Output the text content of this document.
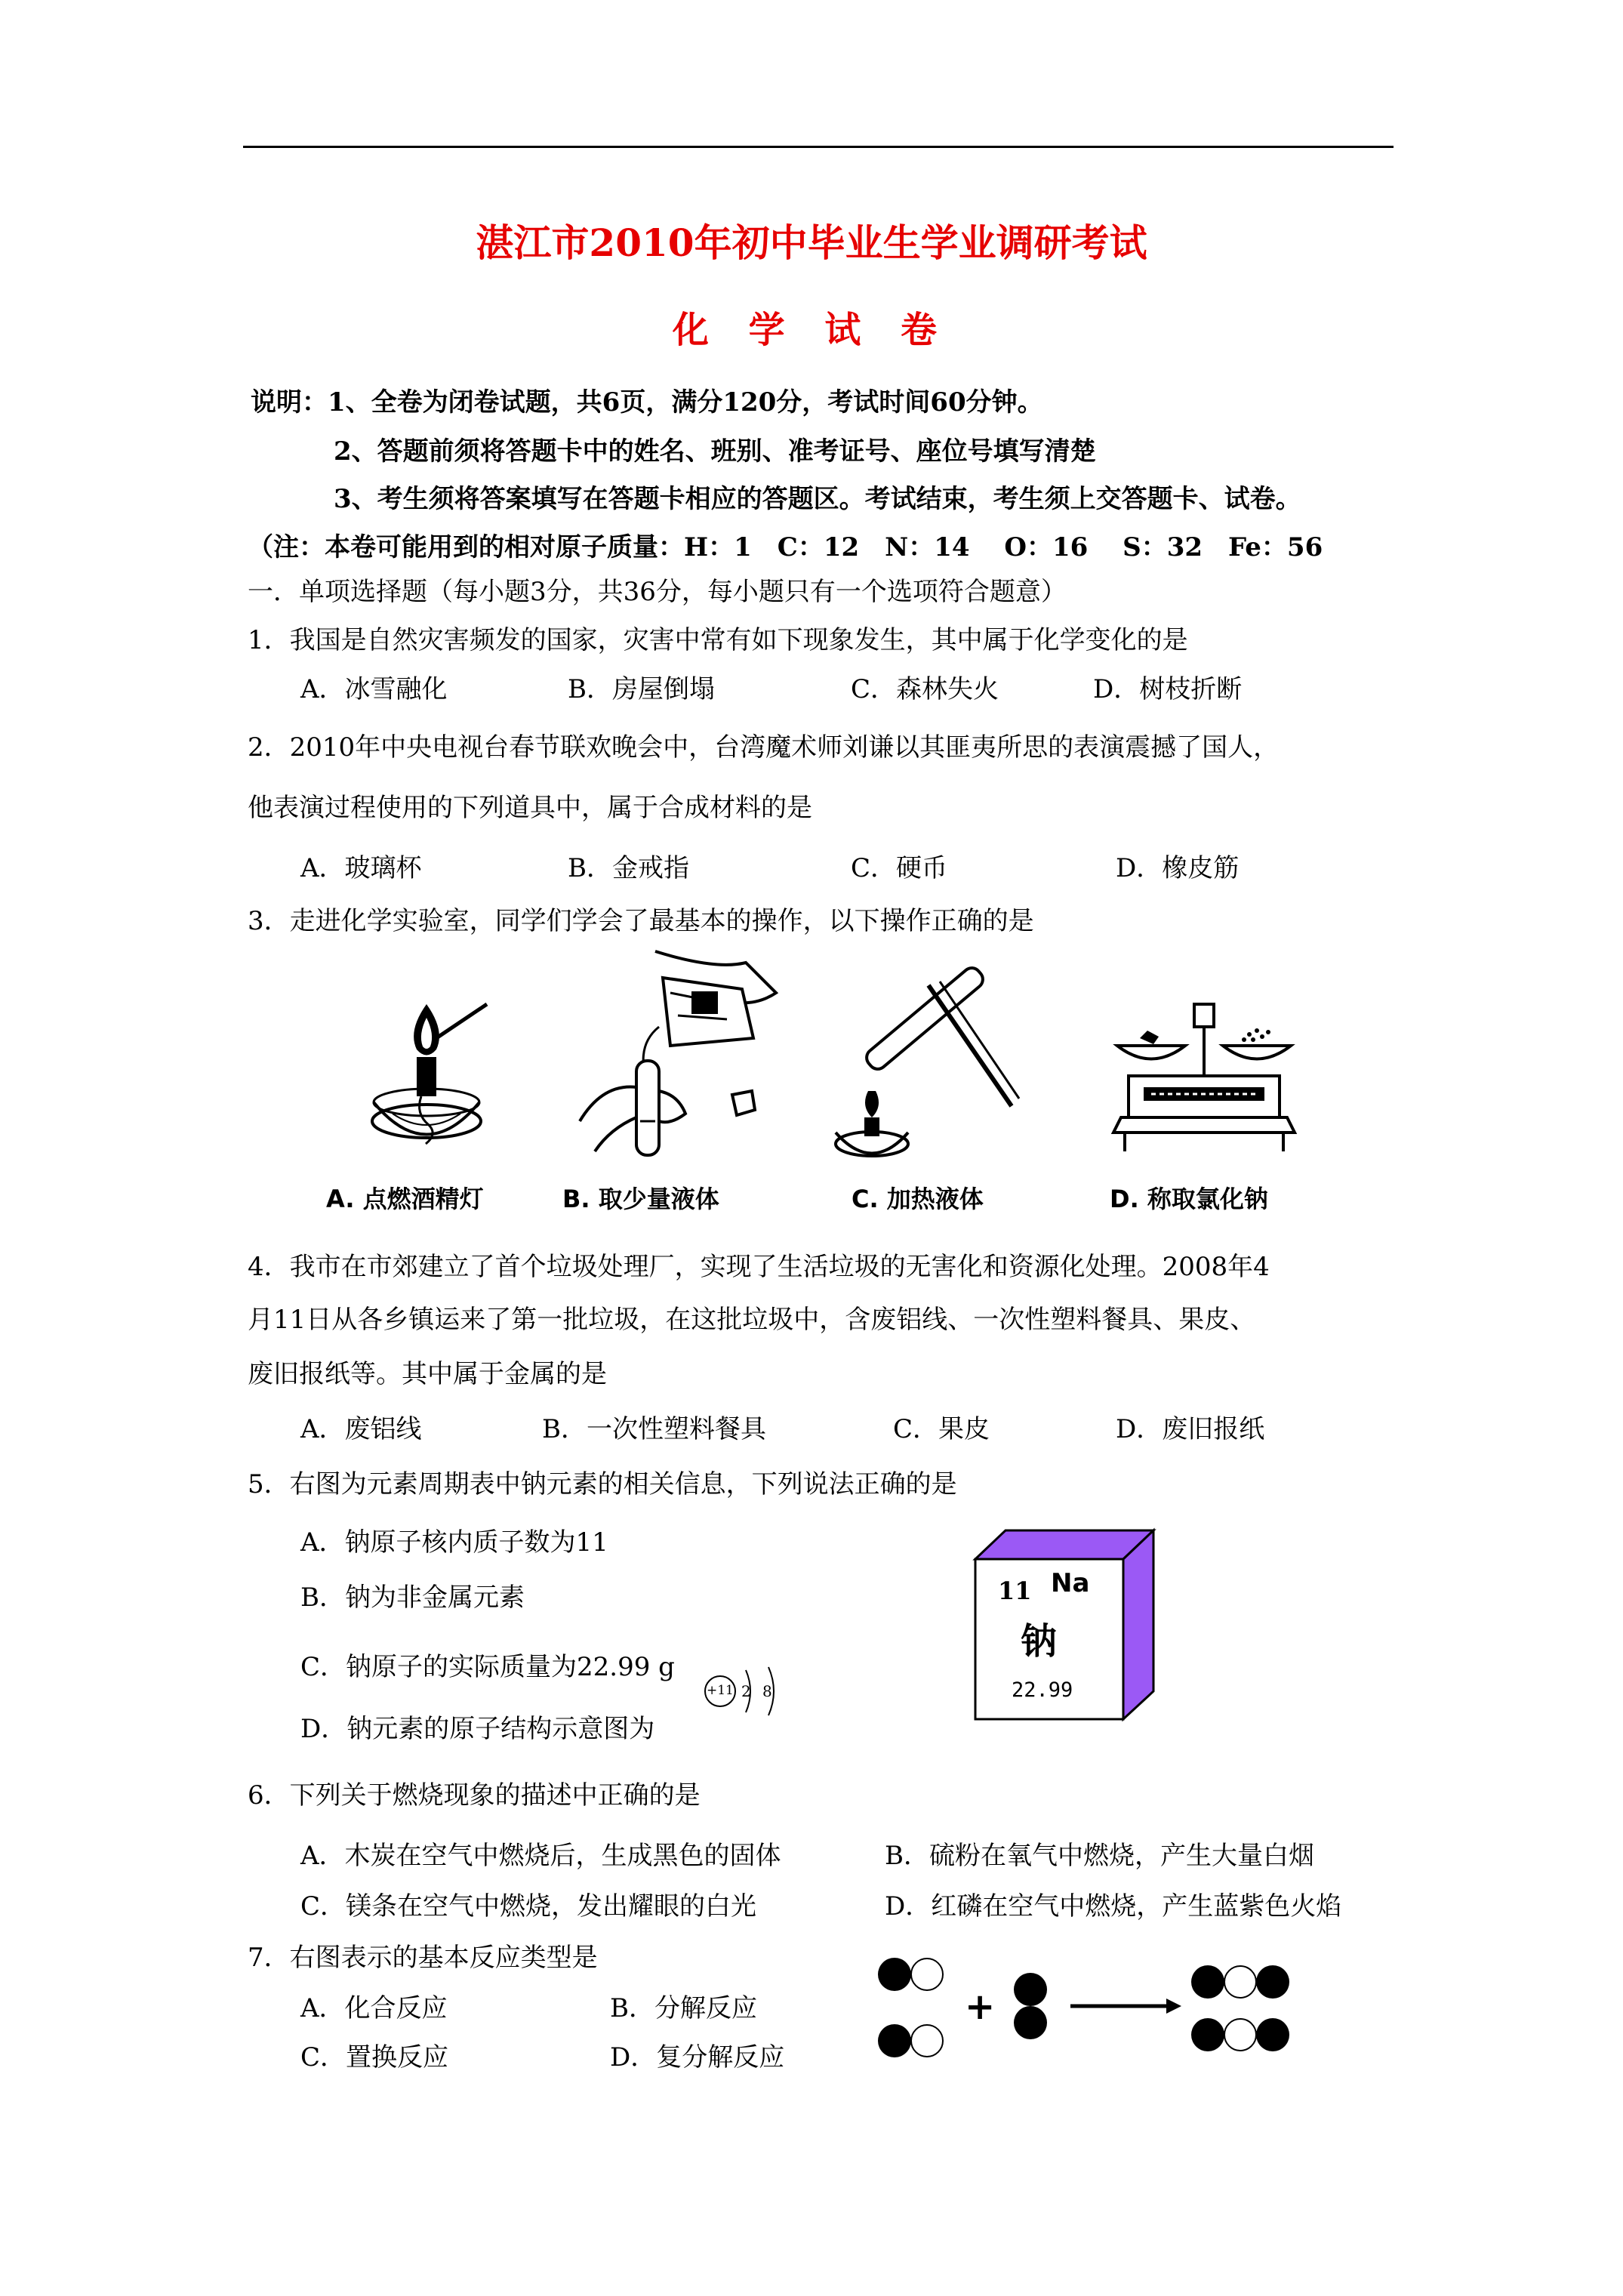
湛江市2010年初中毕业生学业调研考试
化 学 试 卷
说明：1、全卷为闭卷试题，共6页，满分120分，考试时间60分钟。
2、答题前须将答题卡中的姓名、班别、准考证号、座位号填写清楚
3、考生须将答案填写在答题卡相应的答题区。考试结束，考生须上交答题卡、试卷。
（注：本卷可能用到的相对原子质量：H：1　C：12　N：14　 O：16　 S：32　Fe：56
一．单项选择题（每小题3分，共36分，每小题只有一个选项符合题意）
1．我国是自然灾害频发的国家，灾害中常有如下现象发生，其中属于化学变化的是
A．冰雪融化	B．房屋倒塌	C．森林失火	D．树枝折断
2．2010年中央电视台春节联欢晚会中，台湾魔术师刘谦以其匪夷所思的表演震撼了国人，
他表演过程使用的下列道具中，属于合成材料的是
A．玻璃杯	B．金戒指	C．硬币	D．橡皮筋
3．走进化学实验室，同学们学会了最基本的操作，以下操作正确的是
A. 点燃酒精灯	B. 取少量液体	C. 加热液体	D. 称取氯化钠
4．我市在市郊建立了首个垃圾处理厂，实现了生活垃圾的无害化和资源化处理。2008年4
月11日从各乡镇运来了第一批垃圾，在这批垃圾中，含废铝线、一次性塑料餐具、果皮、
废旧报纸等。其中属于金属的是
A．废铝线	B．一次性塑料餐具	C．果皮	D．废旧报纸
5．右图为元素周期表中钠元素的相关信息，下列说法正确的是
A．钠原子核内质子数为11
B．钠为非金属元素
C．钠原子的实际质量为22.99 g
D．钠元素的原子结构示意图为
+11 2 8
11 Na
钠
22.99
6．下列关于燃烧现象的描述中正确的是
A．木炭在空气中燃烧后，生成黑色的固体	B．硫粉在氧气中燃烧，产生大量白烟
C．镁条在空气中燃烧，发出耀眼的白光	D．红磷在空气中燃烧，产生蓝紫色火焰
7．右图表示的基本反应类型是
A．化合反应	B．分解反应
C．置换反应	D．复分解反应
+
